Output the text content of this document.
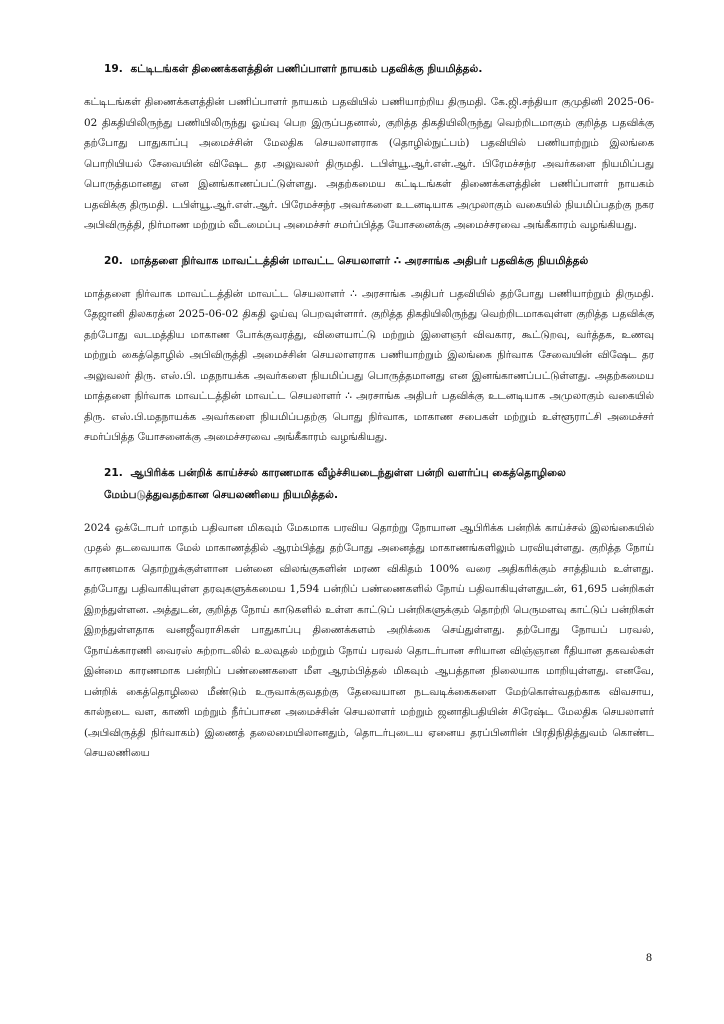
19. கட்டிடங்கள் திணைக்களத்தின் பணிப்பாளர் நாயகம் பதவிக்கு நியமித்தல்.

கட்டிடங்கள் திணைக்களத்தின் பணிப்பாளர் நாயகம் பதவியில் பணியாற்றிய திருமதி. கே.ஜி.சந்தியா குமுதினி 2025-06-02 திகதியிலிருந்து பணியிலிருந்து ஓய்வு பெற இருப்பதனால், குறித்த திகதியிலிருந்து வெற்றிடமாகும் குறித்த பதவிக்கு தற்போது பாதுகாப்பு அமைச்சின் மேலதிக செயலாளராக (தொழில்நுட்பம்) பதவியில் பணியாற்றும் இலங்கை பொறியியல் சேவையின் விஷேட தர அலுவலர் திருமதி. டபிள்யூ.ஆர்.எள்.ஆர். பிரேமச்சந்ர அவர்களை நியமிப்பது பொருத்தமானது என இனங்காணப்பட்டுள்ளது. அதற்கமைய கட்டிடங்கள் திணைக்களத்தின் பணிப்பாளர் நாயகம் பதவிக்கு திருமதி. டபிள்யூ.ஆர்.எள்.ஆர். பிரேமச்சந்ர அவர்களை உடனடியாக அமுலாகும் வகையில் நியமிப்பதற்கு நகர அபிவிருத்தி, நிர்மாண மற்றும் வீடமைப்பு அமைச்சர் சமர்ப்பித்த யோசனைக்கு அமைச்சரவை அங்கீகாரம் வழங்கியது.

20. மாத்தளை நிர்வாக மாவட்டத்தின் மாவட்ட செயலாளர் ∴ அரசாங்க அதிபர் பதவிக்கு நியமித்தல்

மாத்தளை நிர்வாக மாவட்டத்தின் மாவட்ட செயலாளர் ∴ அரசாங்க அதிபர் பதவியில் தற்போது பணியாற்றும் திருமதி. தேஜானி திலகரத்ன 2025-06-02 திகதி ஓய்வு பெறவுள்ளார். குறித்த திகதியிலிருந்து வெற்றிடமாகவுள்ள குறித்த பதவிக்கு தற்போது வடமத்திய மாகாண போக்குவரத்து, விளையாட்டு மற்றும் இளைஞர் விவகார, கூட்டுறவு, வர்த்தக, உணவு மற்றும் கைத்தொழில் அபிவிருத்தி அமைச்சின் செயலாளராக பணியாற்றும் இலங்கை நிர்வாக சேவையின் விஷேட தர அலுவலர் திரு. எஸ்.பி. மதநாயக்க அவர்களை நியமிப்பது பொருத்தமானது என இனங்காணப்பட்டுள்ளது. அதற்கமைய மாத்தளை நிர்வாக மாவட்டத்தின் மாவட்ட செயலாளர் ∴ அரசாங்க அதிபர் பதவிக்கு உடனடியாக அமுலாகும் வகையில் திரு. எஸ்.பி.மதநாயக்க அவர்களை நியமிப்பதற்கு பொது நிர்வாக, மாகாண சபைகள் மற்றும் உள்ளூராட்சி அமைச்சர் சமர்ப்பித்த யோசனைக்கு அமைச்சரவை அங்கீகாரம் வழங்கியது.

21. ஆபிரிக்க பன்றிக் காய்ச்சல் காரணமாக வீழ்ச்சியடைந்துள்ள பன்றி வளர்ப்பு கைத்தொழிலை மேம்படுத்துவதற்கான செயலணியை நியமித்தல்.

2024 ஒக்டோபர் மாதம் பதிவான மிகவும் மேகமாக பரவிய தொற்று நோயான ஆபிரிக்க பன்றிக் காய்ச்சல் இலங்கையில் முதல் தடவையாக மேல் மாகாணத்தில் ஆரம்பித்து தற்போது அனைத்து மாகாணங்களிலும் பரவியுள்ளது. குறித்த நோய் காரணமாக தொற்றுக்குள்ளான பன்னை விலங்குகளின் மரண விகிதம் 100% வரை அதிகரிக்கும் சாத்தியம் உள்ளது. தற்போது பதிவாகியுள்ள தரவுகளுக்கமைய 1,594 பன்றிப் பண்ணைகளில் நோய் பதிவாகியுள்ளதுடன், 61,695 பன்றிகள் இறந்துள்ளன. அத்துடன், குறித்த நோய் காடுகளில் உள்ள காட்டுப் பன்றிகளுக்கும் தொற்றி பெருமளவு காட்டுப் பன்றிகள் இறந்துள்ளதாக வனஜீவராசிகள் பாதுகாப்பு திணைக்களம் அறிக்கை செய்துள்ளது. தற்போது நோயப் பரவல், நோய்க்காரணி வைரஸ் சுற்றாடலில் உலவுதல் மற்றும் நோய் பரவல் தொடர்பான சரியான விஞ்ஞான ரீதியான தகவல்கள் இன்மை காரணமாக பன்றிப் பண்ணைகளை மீள ஆரம்பித்தல் மிகவும் ஆபத்தான நிலையாக மாறியுள்ளது. எனவே, பன்றிக் கைத்தொழிலை மீண்டும் உருவாக்குவதற்கு தேவையான நடவடிக்கைகளை மேற்கொள்வதற்காக விவசாய, கால்நடை வள, காணி மற்றும் நீர்ப்பாசன அமைச்சின் செயலாளர் மற்றும் ஜனாதிபதியின் சிரேஷ்ட மேலதிக செயலாளர் (அபிவிருத்தி நிர்வாகம்) இணைத் தலைமையிலானதும், தொடர்புடைய ஏனைய தரப்பினரின் பிரதிநிதித்துவம் கொண்ட செயலணியை

8
